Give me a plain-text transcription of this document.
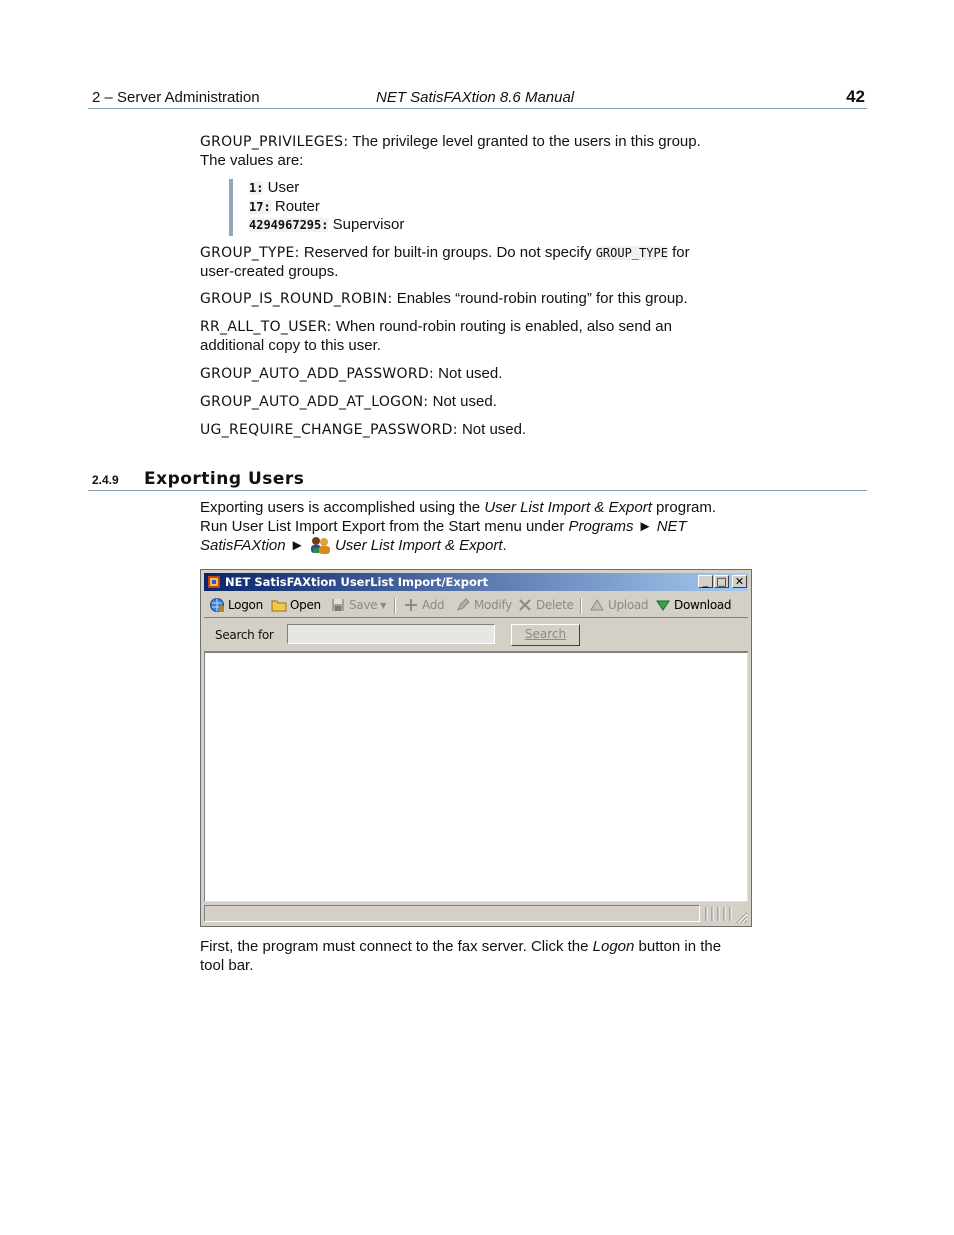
2 – Server Administration	NET SatisFAXtion 8.6 Manual	42
GROUP_PRIVILEGES: The privilege level granted to the users in this group.
The values are:
1: User
17: Router
4294967295: Supervisor
GROUP_TYPE: Reserved for built-in groups. Do not specify GROUP_TYPE for
user-created groups.
GROUP_IS_ROUND_ROBIN: Enables “round-robin routing” for this group.
RR_ALL_TO_USER: When round-robin routing is enabled, also send an
additional copy to this user.
GROUP_AUTO_ADD_PASSWORD: Not used.
GROUP_AUTO_ADD_AT_LOGON: Not used.
UG_REQUIRE_CHANGE_PASSWORD: Not used.
2.4.9 Exporting Users
Exporting users is accomplished using the User List Import & Export program.
Run User List Import Export from the Start menu under Programs ► NET
SatisFAXtion ►  User List Import & Export.
NET SatisFAXtion UserList Import/Export	_ □ ✕
Logon Open Save ▼	Add Modify Delete	Upload Download
Search for	Search
First, the program must connect to the fax server. Click the Logon button in the
tool bar.
